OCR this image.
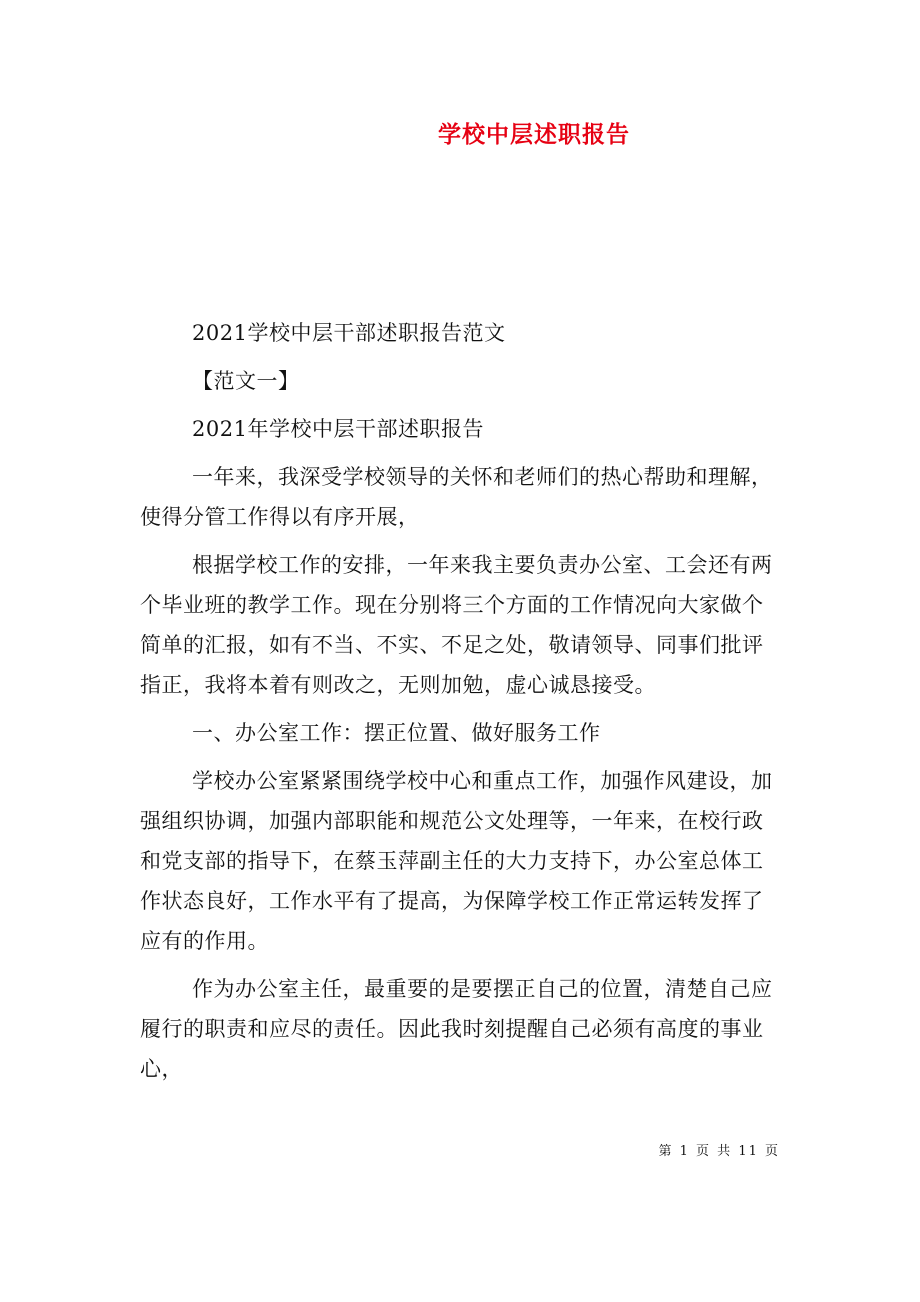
学校中层述职报告

2021学校中层干部述职报告范文

【范文一】

2021年学校中层干部述职报告

一年来，我深受学校领导的关怀和老师们的热心帮助和理解，使得分管工作得以有序开展，

根据学校工作的安排，一年来我主要负责办公室、工会还有两个毕业班的教学工作。现在分别将三个方面的工作情况向大家做个简单的汇报，如有不当、不实、不足之处，敬请领导、同事们批评指正，我将本着有则改之，无则加勉，虚心诚恳接受。

一、办公室工作：摆正位置、做好服务工作

学校办公室紧紧围绕学校中心和重点工作，加强作风建设，加强组织协调，加强内部职能和规范公文处理等，一年来，在校行政和党支部的指导下，在蔡玉萍副主任的大力支持下，办公室总体工作状态良好，工作水平有了提高，为保障学校工作正常运转发挥了应有的作用。

作为办公室主任，最重要的是要摆正自己的位置，清楚自己应履行的职责和应尽的责任。因此我时刻提醒自己必须有高度的事业心，

第 1 页 共 11 页
